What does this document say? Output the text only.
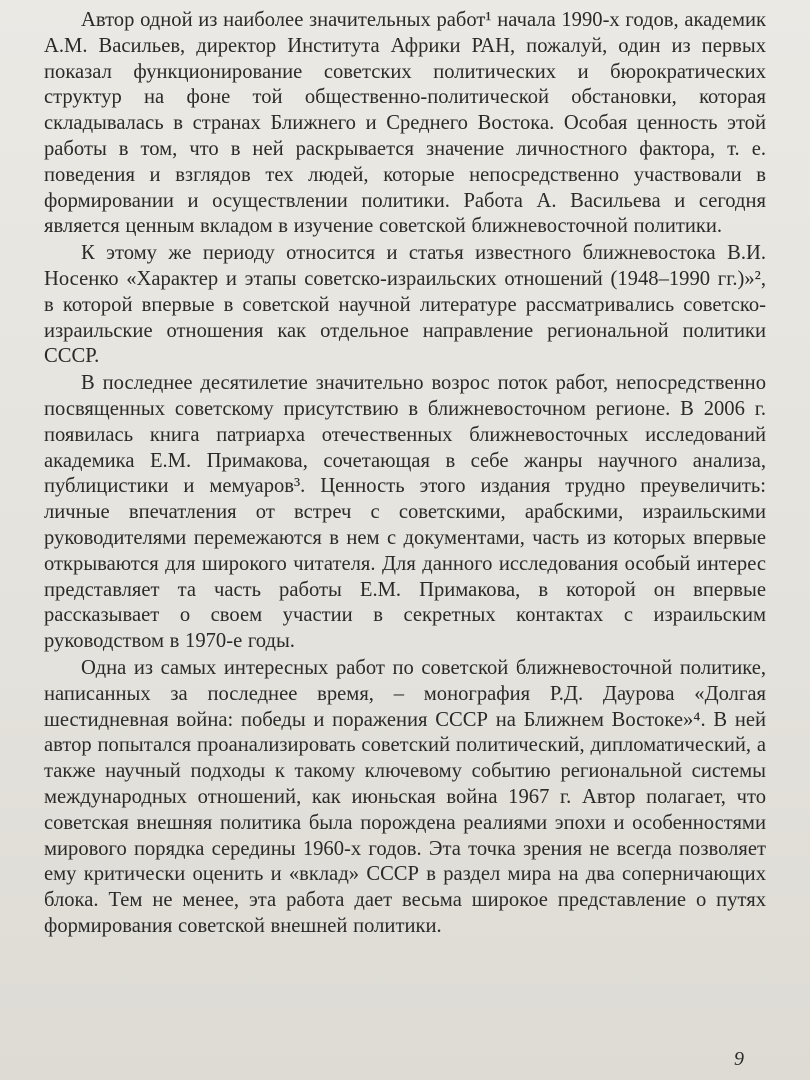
Автор одной из наиболее значительных работ¹ начала 1990-х годов, академик А.М. Васильев, директор Института Африки РАН, пожалуй, один из первых показал функционирование советских политических и бюрократических структур на фоне той общественно-политической обстановки, которая складывалась в странах Ближнего и Среднего Востока. Особая ценность этой работы в том, что в ней раскрывается значение личностного фактора, т. е. поведения и взглядов тех людей, которые непосредственно участвовали в формировании и осуществлении политики. Работа А. Васильева и сегодня является ценным вкладом в изучение советской ближневосточной политики.

К этому же периоду относится и статья известного ближневостока В.И. Носенко «Характер и этапы советско-израильских отношений (1948–1990 гг.)»², в которой впервые в советской научной литературе рассматривались советско-израильские отношения как отдельное направление региональной политики СССР.

В последнее десятилетие значительно возрос поток работ, непосредственно посвященных советскому присутствию в ближневосточном регионе. В 2006 г. появилась книга патриарха отечественных ближневосточных исследований академика Е.М. Примакова, сочетающая в себе жанры научного анализа, публицистики и мемуаров³. Ценность этого издания трудно преувеличить: личные впечатления от встреч с советскими, арабскими, израильскими руководителями перемежаются в нем с документами, часть из которых впервые открываются для широкого читателя. Для данного исследования особый интерес представляет та часть работы Е.М. Примакова, в которой он впервые рассказывает о своем участии в секретных контактах с израильским руководством в 1970-е годы.

Одна из самых интересных работ по советской ближневосточной политике, написанных за последнее время, – монография Р.Д. Даурова «Долгая шестидневная война: победы и поражения СССР на Ближнем Востоке»⁴. В ней автор попытался проанализировать советский политический, дипломатический, а также научный подходы к такому ключевому событию региональной системы международных отношений, как июньская война 1967 г. Автор полагает, что советская внешняя политика была порождена реалиями эпохи и особенностями мирового порядка середины 1960-х годов. Эта точка зрения не всегда позволяет ему критически оценить и «вклад» СССР в раздел мира на два соперничающих блока. Тем не менее, эта работа дает весьма широкое представление о путях формирования советской внешней политики.

9
